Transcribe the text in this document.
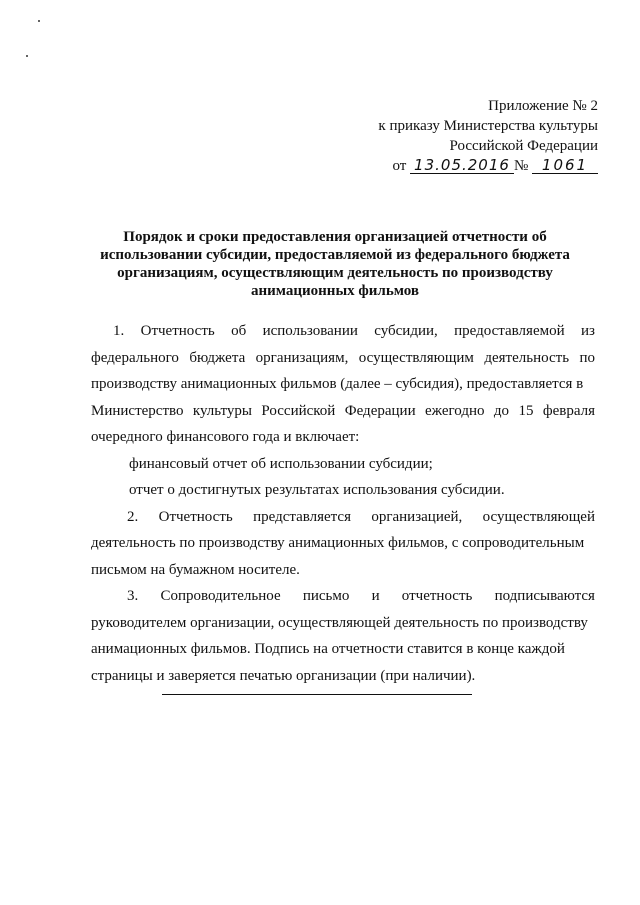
Приложение № 2
к приказу Министерства культуры
Российской Федерации
от 13.05.2016 № 1061
Порядок и сроки предоставления организацией отчетности об
использовании субсидии, предоставляемой из федерального бюджета
организациям, осуществляющим деятельность по производству
анимационных фильмов
1. Отчетность об использовании субсидии, предоставляемой из
федерального бюджета организациям, осуществляющим деятельность по
производству анимационных фильмов (далее – субсидия), предоставляется в
Министерство культуры Российской Федерации ежегодно до 15 февраля
очередного финансового года и включает:
финансовый отчет об использовании субсидии;
отчет о достигнутых результатах использования субсидии.
2. Отчетность представляется организацией, осуществляющей
деятельность по производству анимационных фильмов, с сопроводительным
письмом на бумажном носителе.
3. Сопроводительное письмо и отчетность подписываются
руководителем организации, осуществляющей деятельность по производству
анимационных фильмов. Подпись на отчетности ставится в конце каждой
страницы и заверяется печатью организации (при наличии).
